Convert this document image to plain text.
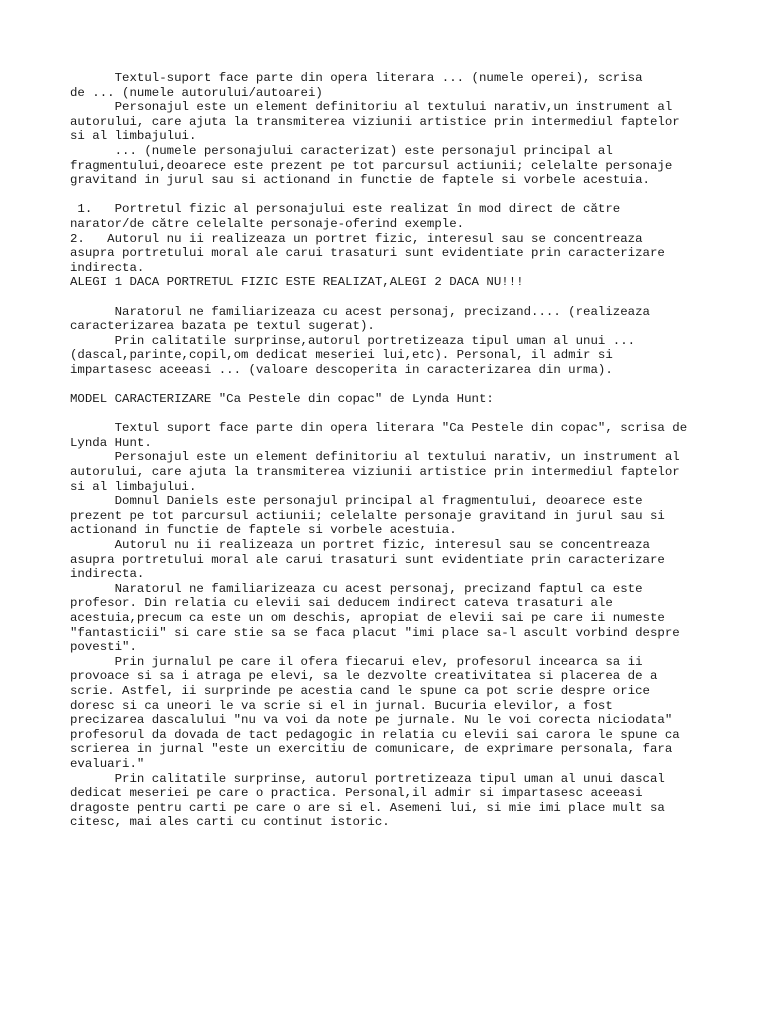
Textul-suport face parte din opera literara ... (numele operei), scrisa
de ... (numele autorului/autoarei)
Personajul este un element definitoriu al textului narativ,un instrument al
autorului, care ajuta la transmiterea viziunii artistice prin intermediul faptelor
si al limbajului.
... (numele personajului caracterizat) este personajul principal al
fragmentului,deoarece este prezent pe tot parcursul actiunii; celelalte personaje
gravitand in jurul sau si actionand in functie de faptele si vorbele acestuia.
1.   Portretul fizic al personajului este realizat în mod direct de către
narator/de către celelalte personaje-oferind exemple.
2.   Autorul nu ii realizeaza un portret fizic, interesul sau se concentreaza
asupra portretului moral ale carui trasaturi sunt evidentiate prin caracterizare
indirecta.
ALEGI 1 DACA PORTRETUL FIZIC ESTE REALIZAT,ALEGI 2 DACA NU!!!
Naratorul ne familiarizeaza cu acest personaj, precizand.... (realizeaza
caracterizarea bazata pe textul sugerat).
Prin calitatile surprinse,autorul portretizeaza tipul uman al unui ...
(dascal,parinte,copil,om dedicat meseriei lui,etc). Personal, il admir si
impartasesc aceeasi ... (valoare descoperita in caracterizarea din urma).
MODEL CARACTERIZARE "Ca Pestele din copac" de Lynda Hunt:
Textul suport face parte din opera literara "Ca Pestele din copac", scrisa de
Lynda Hunt.
Personajul este un element definitoriu al textului narativ, un instrument al
autorului, care ajuta la transmiterea viziunii artistice prin intermediul faptelor
si al limbajului.
Domnul Daniels este personajul principal al fragmentului, deoarece este
prezent pe tot parcursul actiunii; celelalte personaje gravitand in jurul sau si
actionand in functie de faptele si vorbele acestuia.
Autorul nu ii realizeaza un portret fizic, interesul sau se concentreaza
asupra portretului moral ale carui trasaturi sunt evidentiate prin caracterizare
indirecta.
Naratorul ne familiarizeaza cu acest personaj, precizand faptul ca este
profesor. Din relatia cu elevii sai deducem indirect cateva trasaturi ale
acestuia,precum ca este un om deschis, apropiat de elevii sai pe care ii numeste
"fantasticii" si care stie sa se faca placut "imi place sa-l ascult vorbind despre
povesti".
Prin jurnalul pe care il ofera fiecarui elev, profesorul incearca sa ii
provoace si sa i atraga pe elevi, sa le dezvolte creativitatea si placerea de a
scrie. Astfel, ii surprinde pe acestia cand le spune ca pot scrie despre orice
doresc si ca uneori le va scrie si el in jurnal. Bucuria elevilor, a fost
precizarea dascalului "nu va voi da note pe jurnale. Nu le voi corecta niciodata"
profesorul da dovada de tact pedagogic in relatia cu elevii sai carora le spune ca
scrierea in jurnal "este un exercitiu de comunicare, de exprimare personala, fara
evaluari."
Prin calitatile surprinse, autorul portretizeaza tipul uman al unui dascal
dedicat meseriei pe care o practica. Personal,il admir si impartasesc aceeasi
dragoste pentru carti pe care o are si el. Asemeni lui, si mie imi place mult sa
citesc, mai ales carti cu continut istoric.
